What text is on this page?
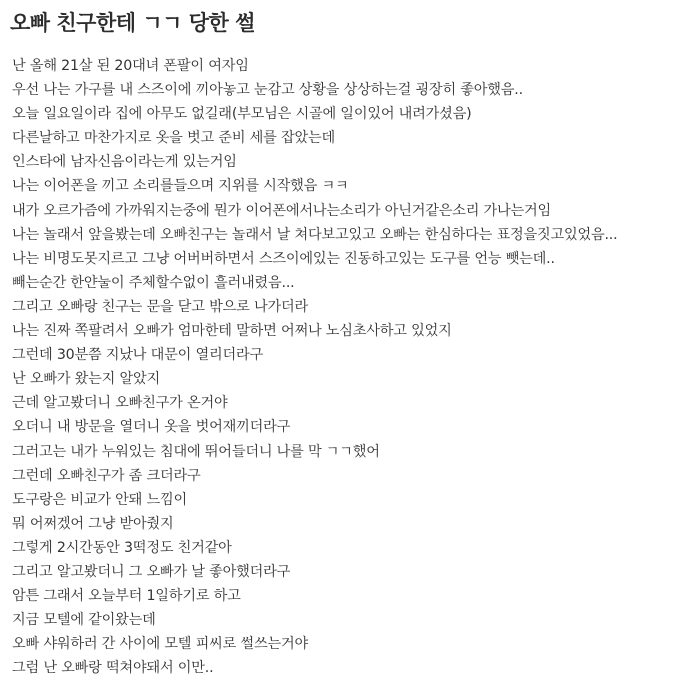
오빠 친구한테 ㄱㄱ 당한 썰
난 올해 21살 된 20대녀 폰팔이 여자임
우선 나는 가구를 내 스즈이에 끼아놓고 눈감고 상황을 상상하는걸 굉장히 좋아했음..
오늘 일요일이라 집에 아무도 없길래(부모님은 시골에 일이있어 내려가셨음)
다른날하고 마찬가지로 옷을 벗고 준비 세를 잡았는데
인스타에 남자신음이라는게 있는거임
나는 이어폰을 끼고 소리를들으며 지위를 시작했음 ㅋㅋ
내가 오르가즘에 가까워지는중에 뭔가 이어폰에서나는소리가 아닌거같은소리 가나는거임
나는 놀래서 앞을봤는데 오빠친구는 놀래서 날 쳐다보고있고 오빠는 한심하다는 표정을짓고있었음...
나는 비명도못지르고 그냥 어버버하면서 스즈이에있는 진동하고있는 도구를 언능 뺏는데..
빼는순간 한얀눌이 주체할수없이 흘러내렸음...
그리고 오빠랑 친구는 문을 닫고 밖으로 나가더라
나는 진짜 쪽팔려서 오빠가 엄마한테 말하면 어쩌나 노심초사하고 있었지
그런데 30분쯤 지났나 대문이 열리더라구
난 오빠가 왔는지 알았지
근데 알고봤더니 오빠친구가 온거야
오더니 내 방문을 열더니 옷을 벗어재끼더라구
그러고는 내가 누워있는 침대에 뛰어들더니 나를 막 ㄱㄱ했어
그런데 오빠친구가 좀 크더라구
도구랑은 비교가 안돼 느낌이
뭐 어쩌겠어 그냥 받아줬지
그렇게 2시간동안 3떡정도 친거같아
그리고 알고봤더니 그 오빠가 날 좋아했더라구
암튼 그래서 오늘부터 1일하기로 하고
지금 모텔에 같이왔는데
오빠 샤워하러 간 사이에 모텔 피씨로 썰쓰는거야
그럼 난 오빠랑 떡쳐야돼서 이만..
